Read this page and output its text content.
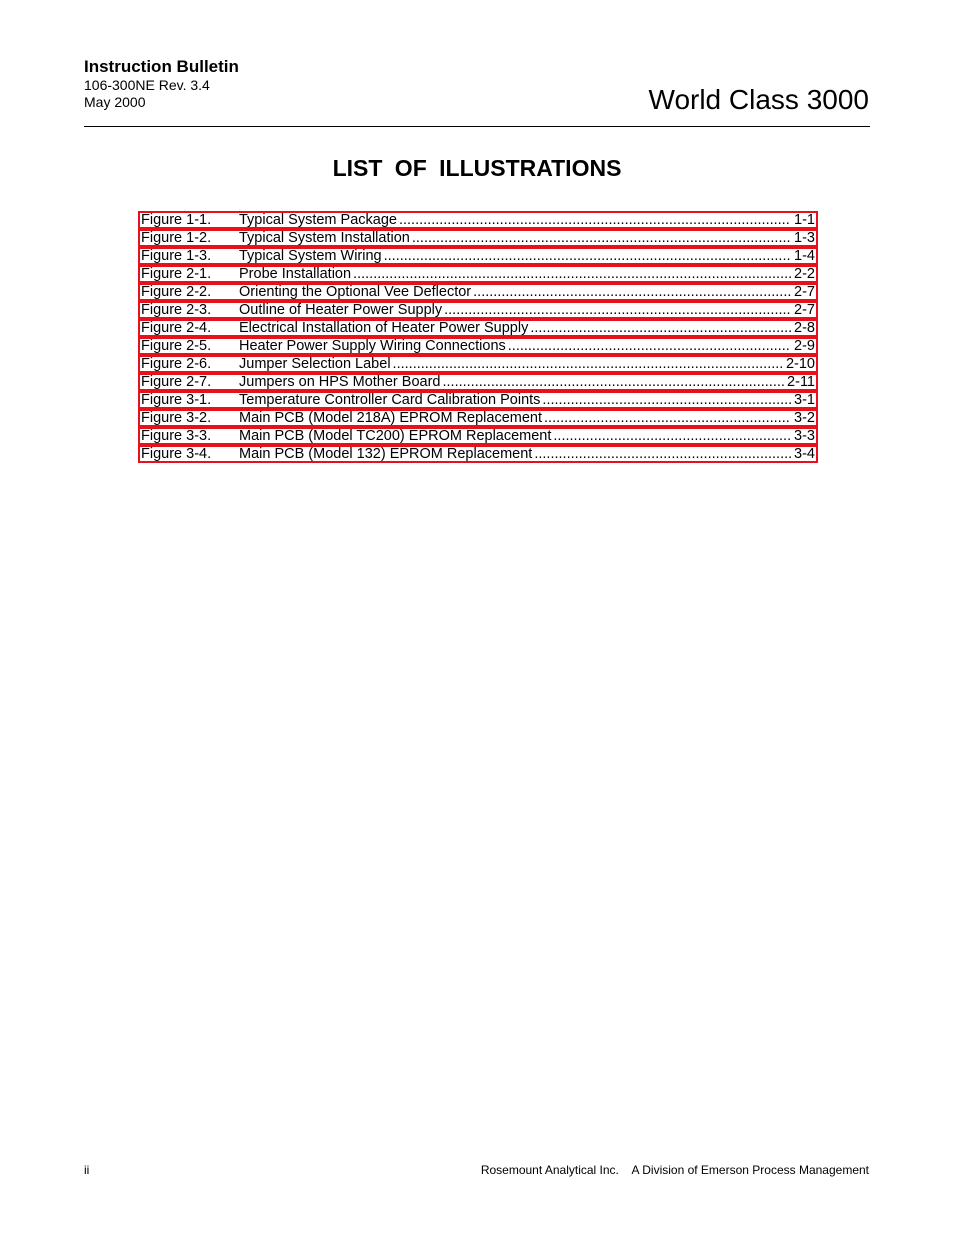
Instruction Bulletin
106-300NE Rev. 3.4
May 2000	World Class 3000
LIST OF ILLUSTRATIONS
Figure 1-1.	Typical System Package .....	1-1
Figure 1-2.	Typical System Installation .....	1-3
Figure 1-3.	Typical System Wiring .....	1-4
Figure 2-1.	Probe Installation .....	2-2
Figure 2-2.	Orienting the Optional Vee Deflector .....	2-7
Figure 2-3.	Outline of Heater Power Supply .....	2-7
Figure 2-4.	Electrical Installation of Heater Power Supply .....	2-8
Figure 2-5.	Heater Power Supply Wiring Connections .....	2-9
Figure 2-6.	Jumper Selection Label .....	2-10
Figure 2-7.	Jumpers on HPS Mother Board .....	2-11
Figure 3-1.	Temperature Controller Card Calibration Points .....	3-1
Figure 3-2.	Main PCB (Model 218A) EPROM Replacement .....	3-2
Figure 3-3.	Main PCB (Model TC200) EPROM Replacement .....	3-3
Figure 3-4.	Main PCB (Model 132) EPROM Replacement .....	3-4
ii	Rosemount Analytical Inc.    A Division of Emerson Process Management
